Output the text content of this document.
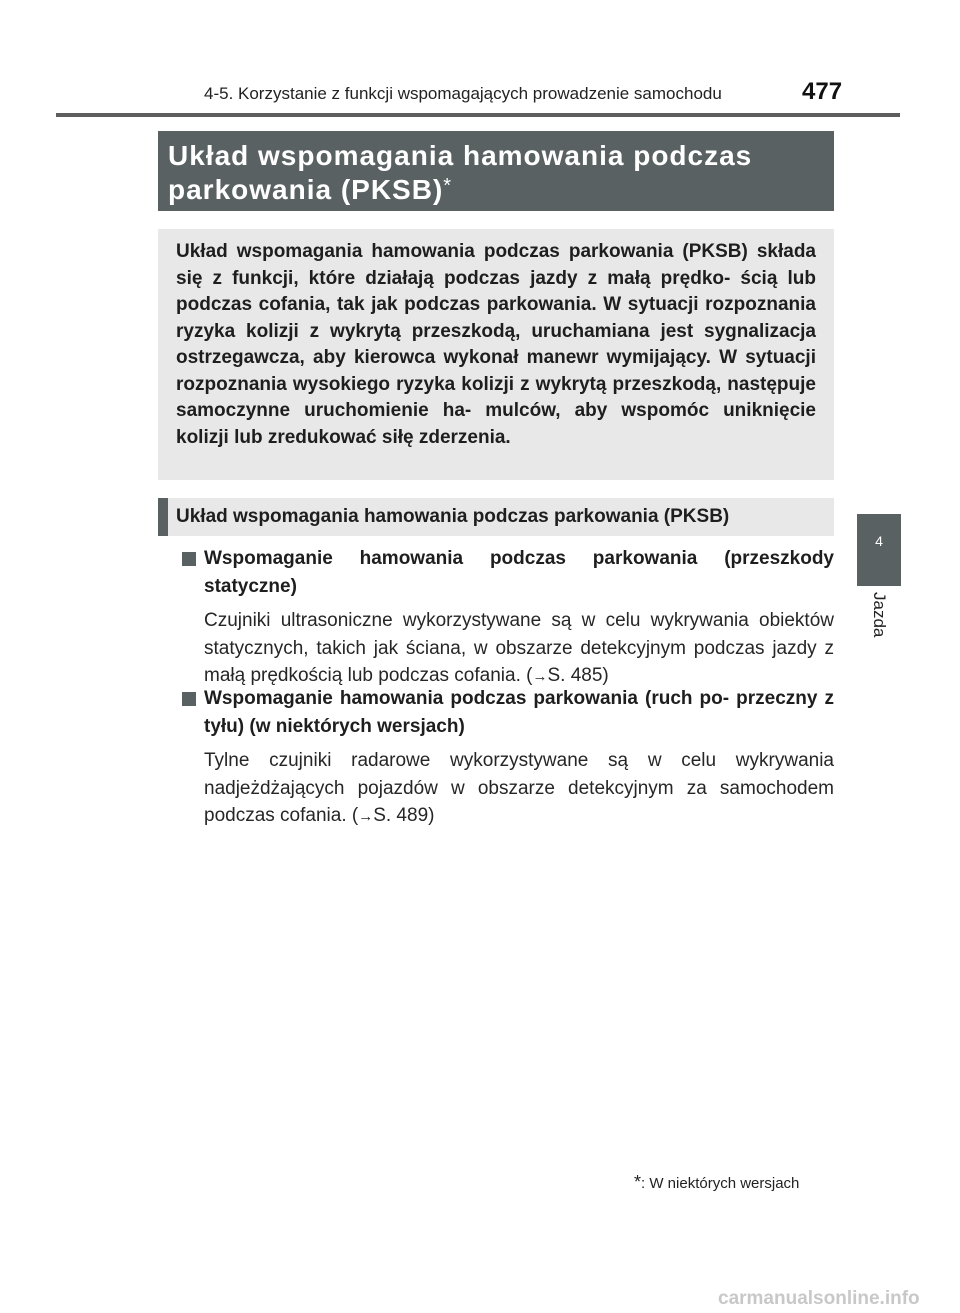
4-5. Korzystanie z funkcji wspomagających prowadzenie samochodu	477
Układ wspomagania hamowania podczas parkowania (PKSB)*
Układ wspomagania hamowania podczas parkowania (PKSB) składa się z funkcji, które działają podczas jazdy z małą prędko- ścią lub podczas cofania, tak jak podczas parkowania. W sytuacji rozpoznania ryzyka kolizji z wykrytą przeszkodą, uruchamiana jest sygnalizacja ostrzegawcza, aby kierowca wykonał manewr wymijający. W sytuacji rozpoznania wysokiego ryzyka kolizji z wykrytą przeszkodą, następuje samoczynne uruchomienie ha- mulców, aby wspomóc uniknięcie kolizji lub zredukować siłę zderzenia.
Układ wspomagania hamowania podczas parkowania (PKSB)
Wspomaganie hamowania podczas parkowania (przeszkody statyczne)
Czujniki ultrasoniczne wykorzystywane są w celu wykrywania obiektów statycznych, takich jak ściana, w obszarze detekcyjnym podczas jazdy z małą prędkością lub podczas cofania. (→S. 485)
Wspomaganie hamowania podczas parkowania (ruch po- przeczny z tyłu) (w niektórych wersjach)
Tylne czujniki radarowe wykorzystywane są w celu wykrywania nadjeżdżających pojazdów w obszarze detekcyjnym za samochodem podczas cofania. (→S. 489)
4
Jazda
*: W niektórych wersjach
carmanualsonline.info
